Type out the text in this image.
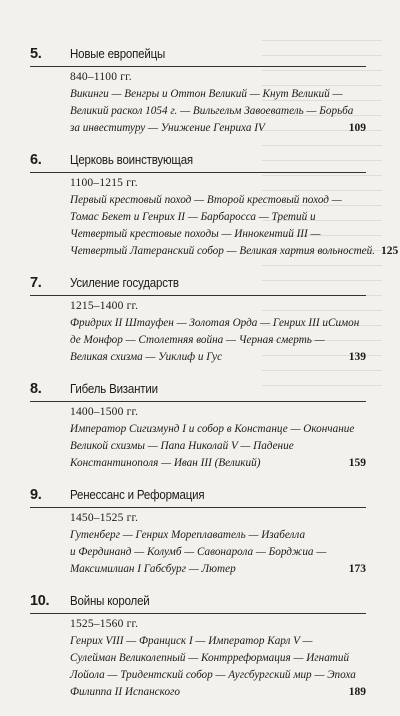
5.	Новые европейцы
840–1100 гг.
Викинги — Венгры и Оттон Великий — Кнут Великий —
Великий раскол 1054 г. — Вильгельм Завоеватель — Борьба
за инвеституру — Унижение Генриха IV	109
6.	Церковь воинствующая
1100–1215 гг.
Первый крестовый поход — Второй крестовый поход —
Томас Бекет и Генрих II — Барбаросса — Третий и
Четвертый крестовые походы — Иннокентий III —
Четвертый Латеранский собор — Великая хартия вольностей. 125
7.	Усиление государств
1215–1400 гг.
Фридрих II Штауфен — Золотая Орда — Генрих III иСимон
де Монфор — Столетняя война — Черная смерть —
Великая схизма — Уиклиф и Гус	139
8.	Гибель Византии
1400–1500 гг.
Император Сигизмунд I и собор в Констанце — Окончание
Великой схизмы — Папа Николай V — Падение
Константинополя — Иван III (Великий)	159
9.	Ренессанс и Реформация
1450–1525 гг.
Гутенберг — Генрих Мореплаватель — Изабелла
и Фердинанд — Колумб — Савонарола — Борджиа —
Максимилиан I Габсбург — Лютер	173
10.	Войны королей
1525–1560 гг.
Генрих VIII — Франциск I — Император Карл V —
Сулейман Великолепный — Контрреформация — Игнатий
Лойола — Тридентский собор — Аугсбургский мир — Эпоха
Филиппа II Испанского	189
